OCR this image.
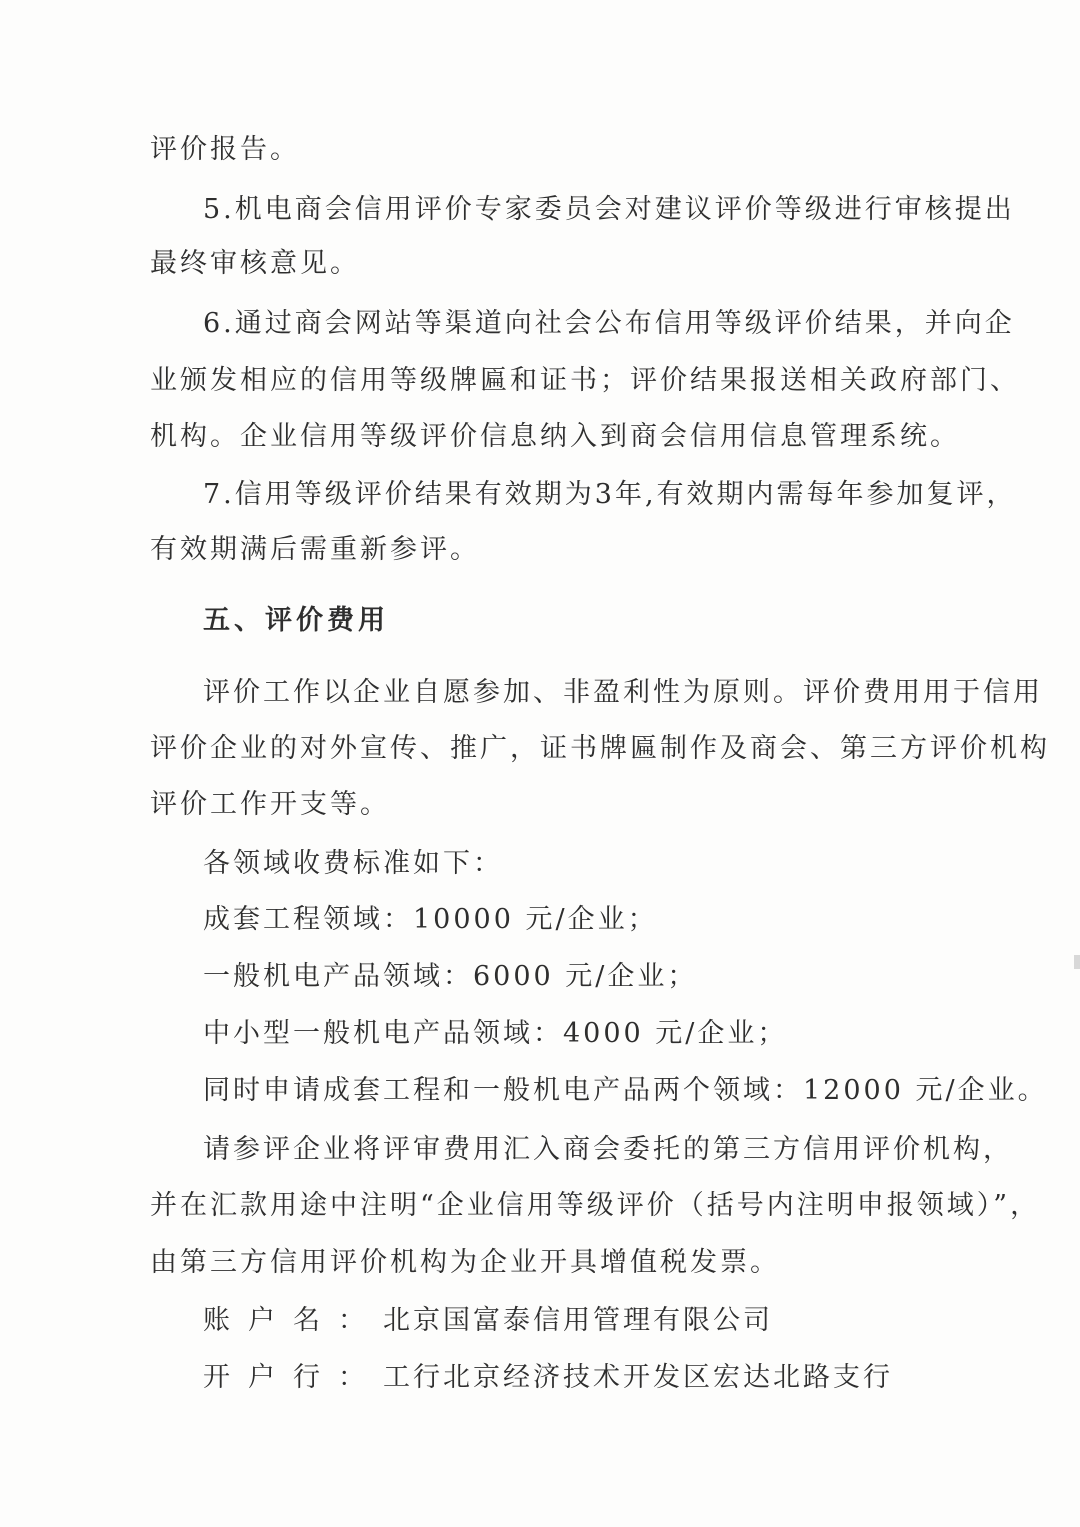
评价报告。
5.机电商会信用评价专家委员会对建议评价等级进行审核提出
最终审核意见。
6.通过商会网站等渠道向社会公布信用等级评价结果，并向企
业颁发相应的信用等级牌匾和证书；评价结果报送相关政府部门、
机构。企业信用等级评价信息纳入到商会信用信息管理系统。
7.信用等级评价结果有效期为3年,有效期内需每年参加复评，
有效期满后需重新参评。
五、评价费用
评价工作以企业自愿参加、非盈利性为原则。评价费用用于信用
评价企业的对外宣传、推广，证书牌匾制作及商会、第三方评价机构
评价工作开支等。
各领域收费标准如下：
成套工程领域：10000 元/企业；
一般机电产品领域：6000 元/企业；
中小型一般机电产品领域：4000 元/企业；
同时申请成套工程和一般机电产品两个领域：12000 元/企业。
请参评企业将评审费用汇入商会委托的第三方信用评价机构，
并在汇款用途中注明“企业信用等级评价（括号内注明申报领域）”，
由第三方信用评价机构为企业开具增值税发票。
账户名：北京国富泰信用管理有限公司
开户行：工行北京经济技术开发区宏达北路支行
